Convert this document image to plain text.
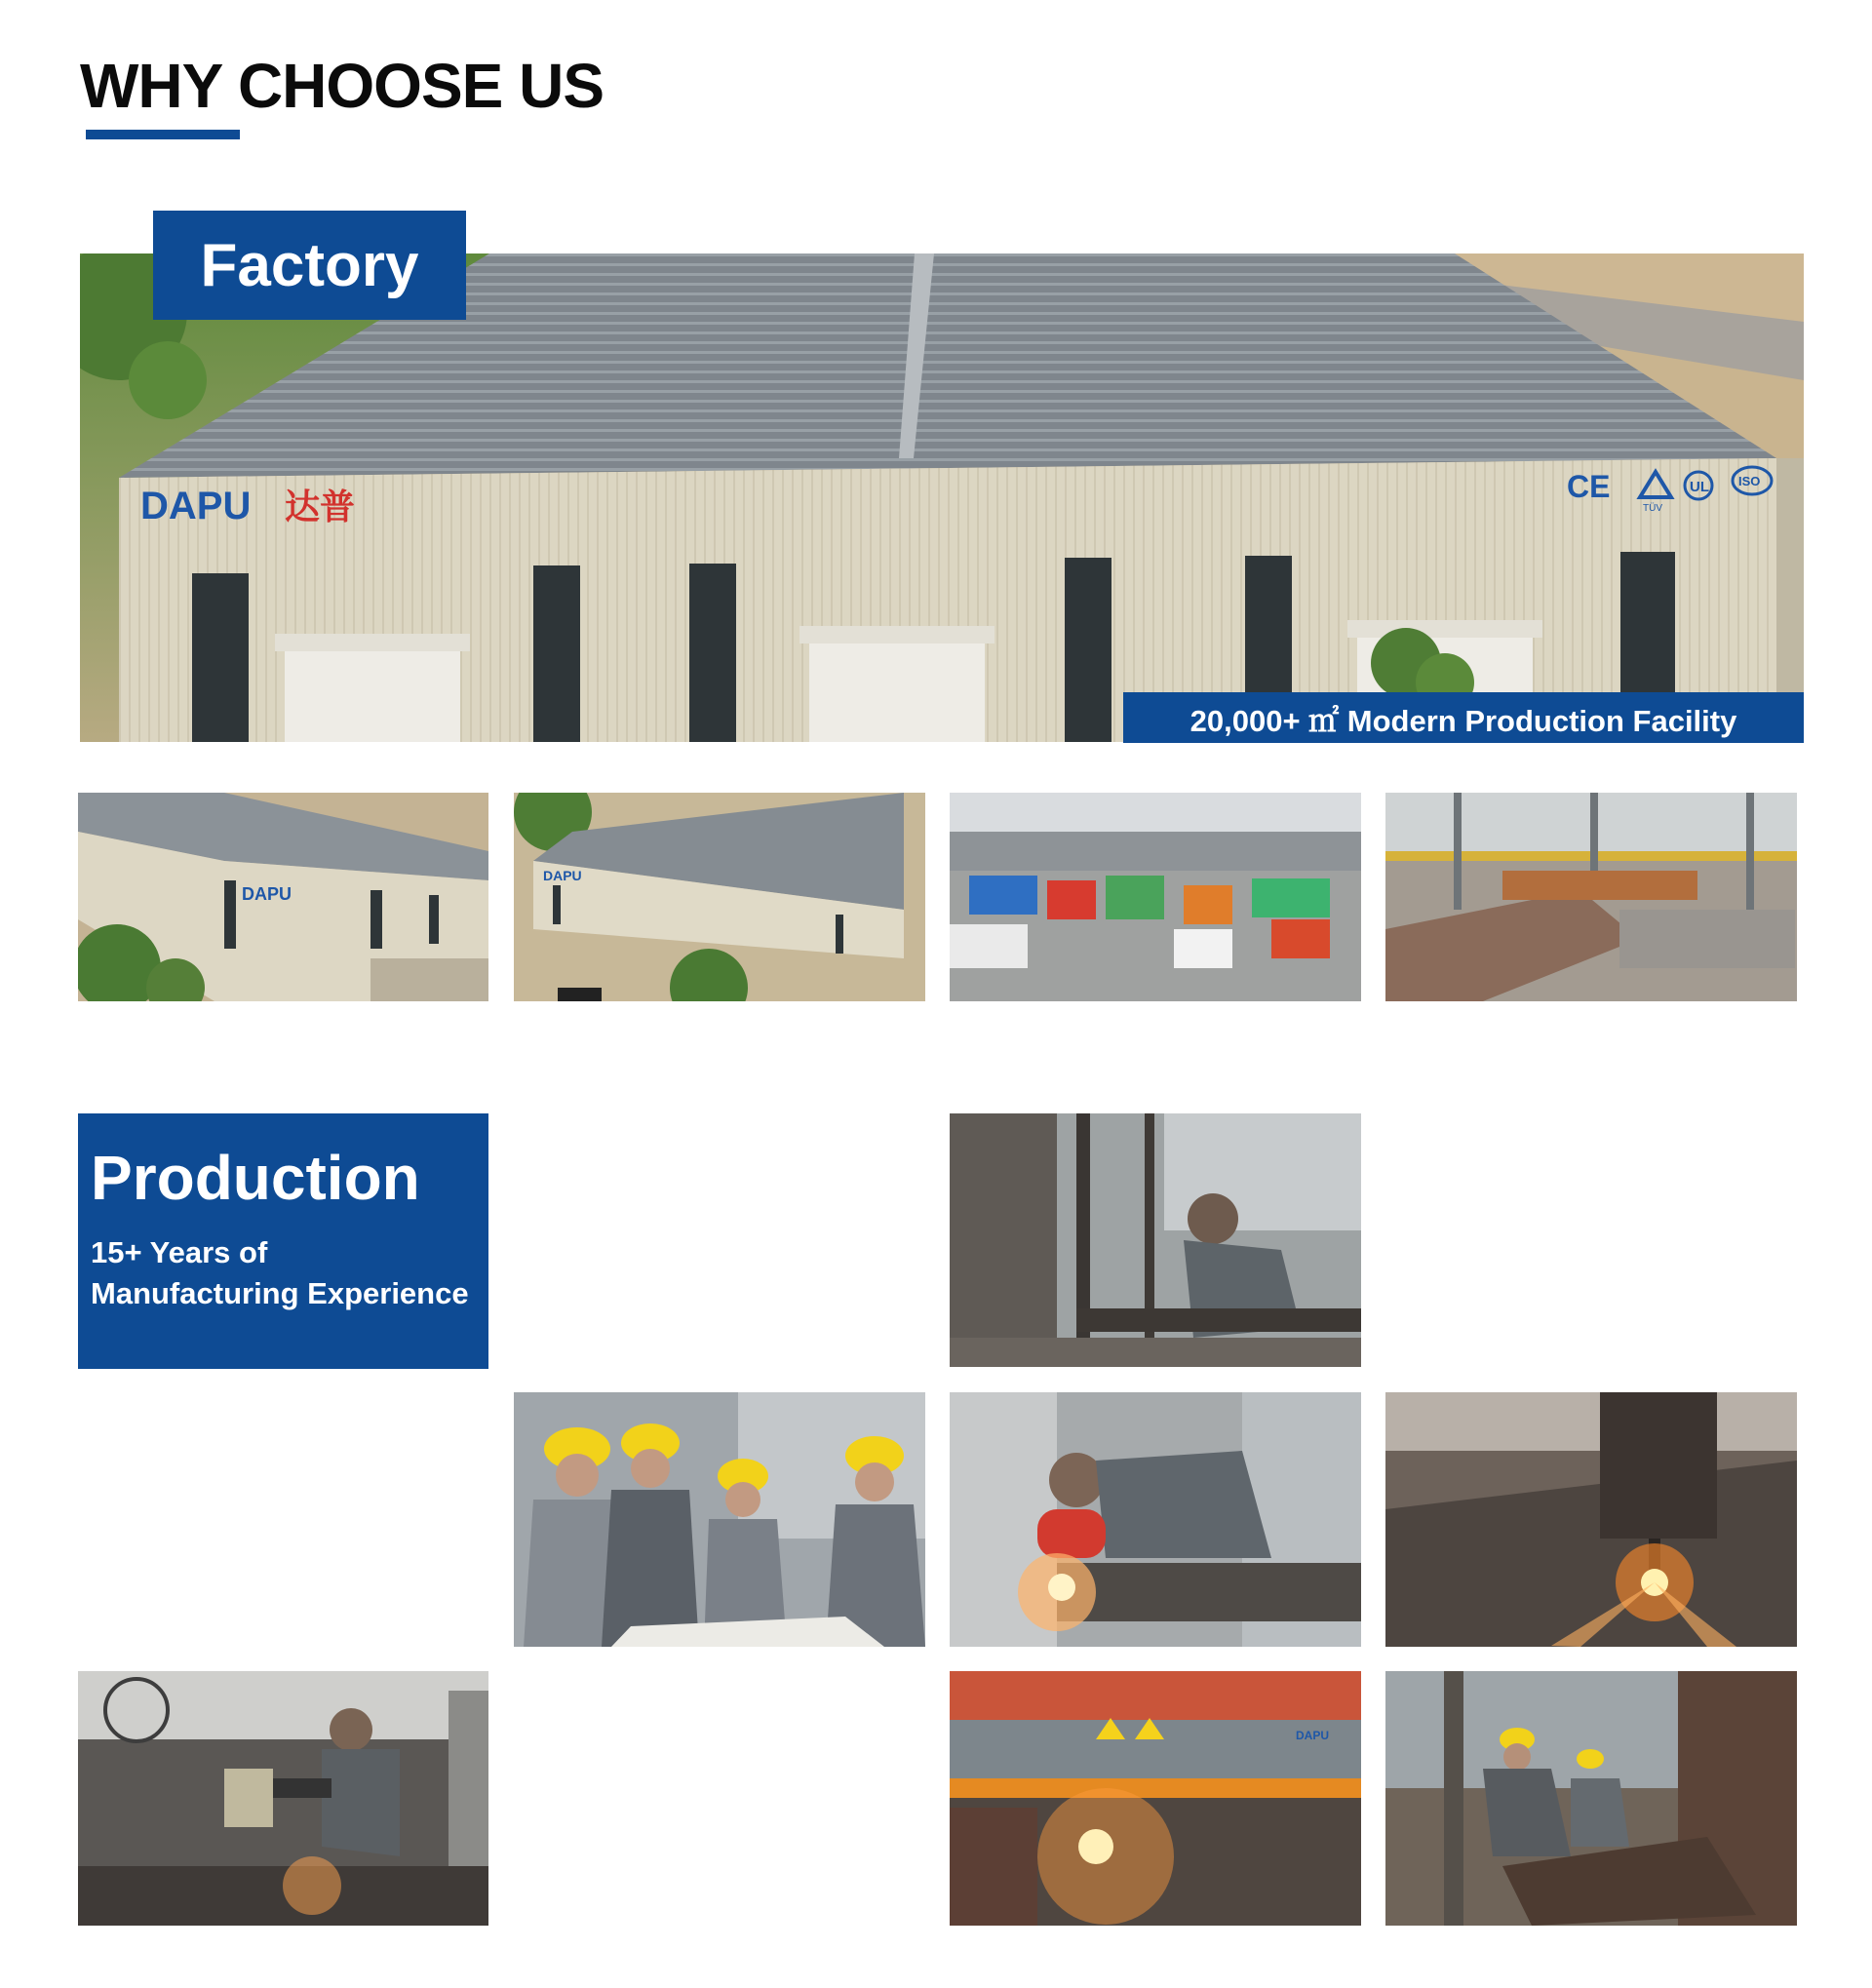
WHY CHOOSE US
DAPU 达普
CE
TÜV
UL ISO
Factory
20,000+ ㎡ Modern Production Facility
DAPU
DAPU
Production

15+ Years of
Manufacturing Experience

DAPU
